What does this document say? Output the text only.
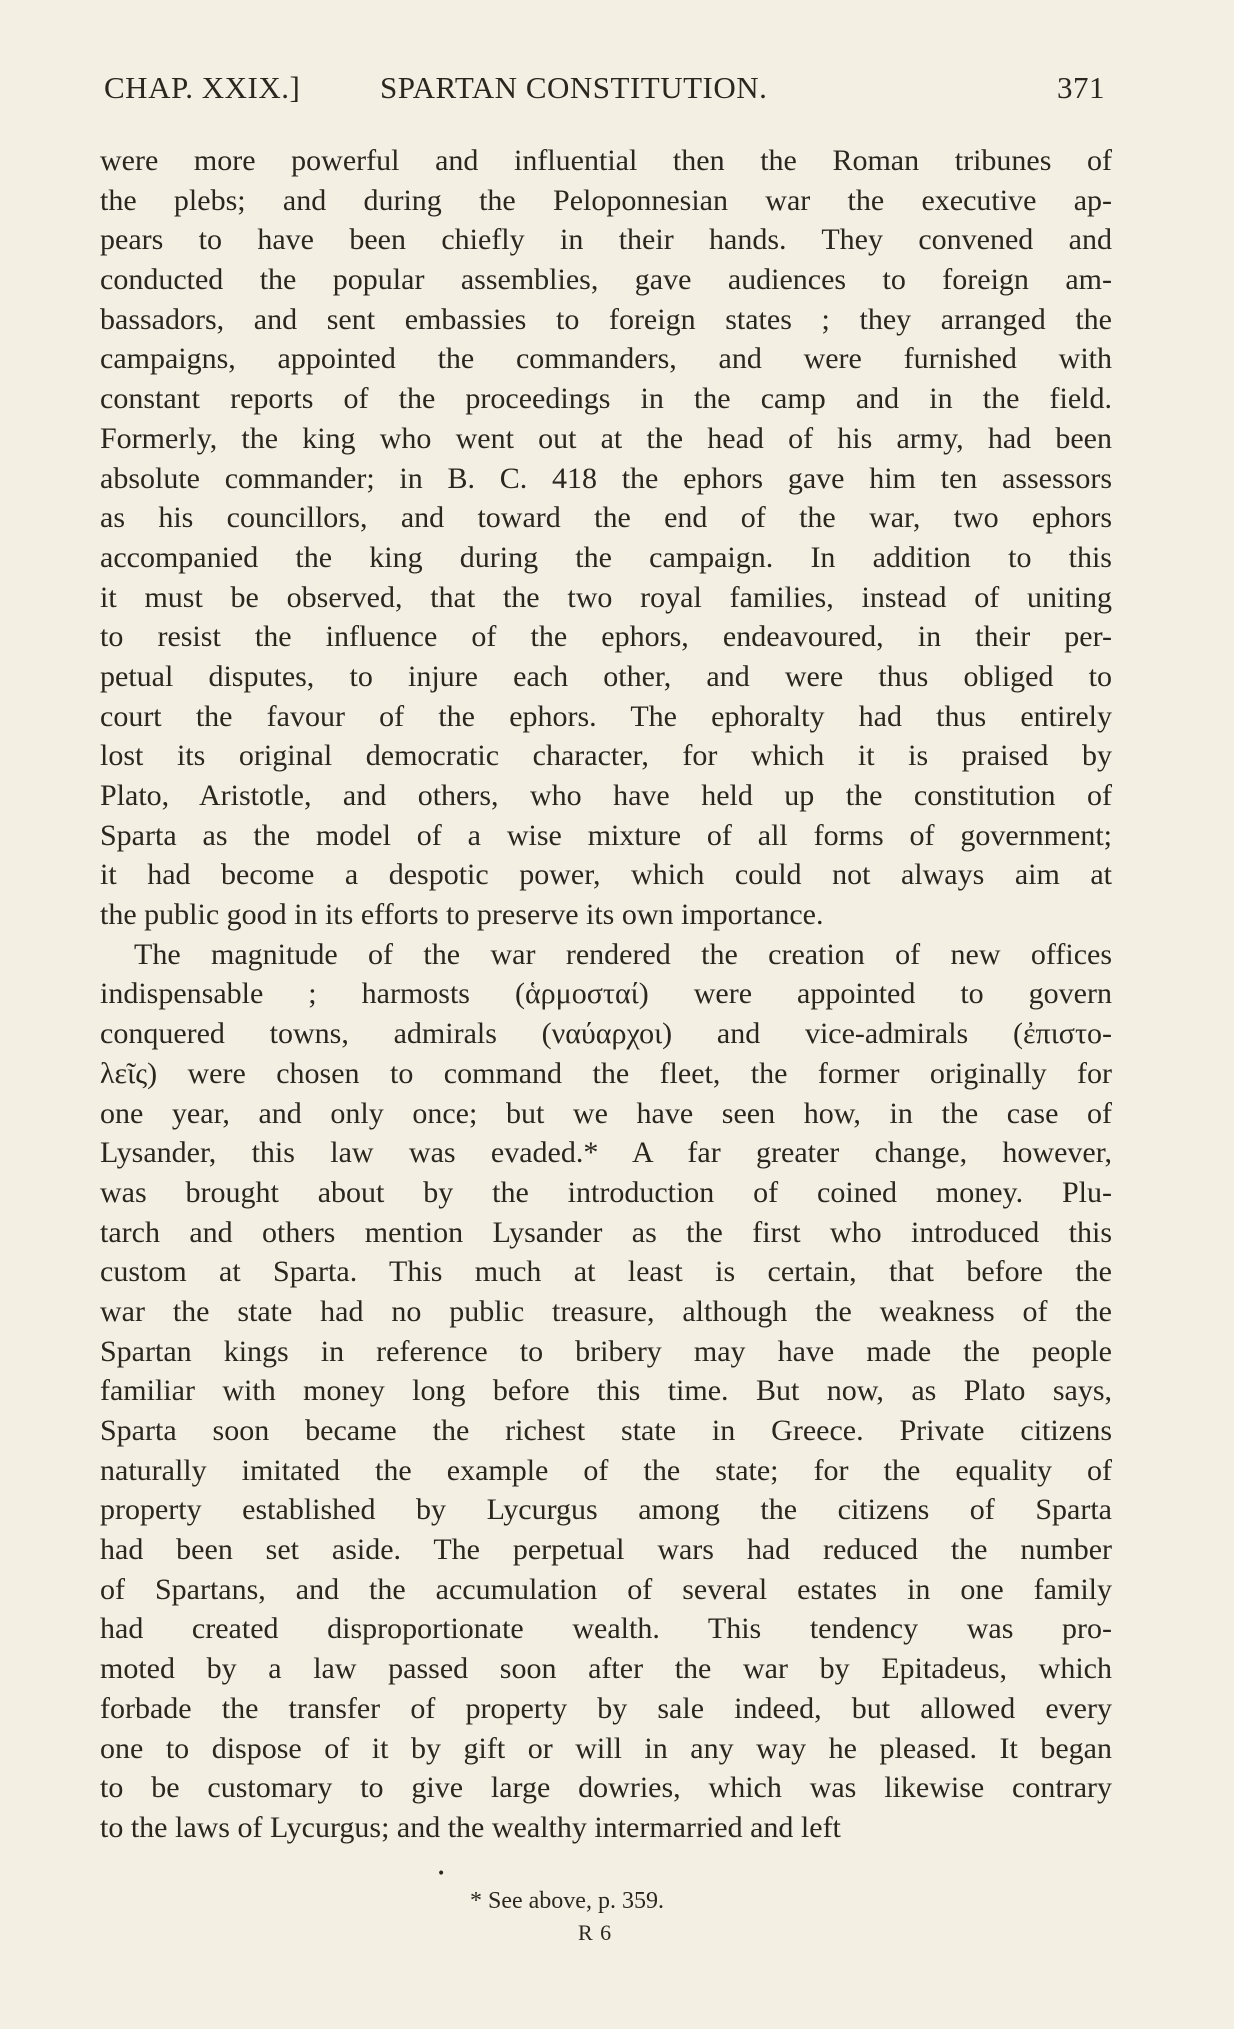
CHAP. XXIX.]	SPARTAN CONSTITUTION.	371
were more powerful and influential then the Roman tribunes of
the plebs; and during the Peloponnesian war the executive ap-
pears to have been chiefly in their hands. They convened and
conducted the popular assemblies, gave audiences to foreign am-
bassadors, and sent embassies to foreign states ; they arranged the
campaigns, appointed the commanders, and were furnished with
constant reports of the proceedings in the camp and in the field.
Formerly, the king who went out at the head of his army, had been
absolute commander; in B. C. 418 the ephors gave him ten assessors
as his councillors, and toward the end of the war, two ephors
accompanied the king during the campaign. In addition to this
it must be observed, that the two royal families, instead of uniting
to resist the influence of the ephors, endeavoured, in their per-
petual disputes, to injure each other, and were thus obliged to
court the favour of the ephors. The ephoralty had thus entirely
lost its original democratic character, for which it is praised by
Plato, Aristotle, and others, who have held up the constitution of
Sparta as the model of a wise mixture of all forms of government;
it had become a despotic power, which could not always aim at
the public good in its efforts to preserve its own importance.
The magnitude of the war rendered the creation of new offices
indispensable ; harmosts (ἁρμοσταί) were appointed to govern
conquered towns, admirals (ναύαρχοι) and vice-admirals (ἐπιστο-
λεῖς) were chosen to command the fleet, the former originally for
one year, and only once; but we have seen how, in the case of
Lysander, this law was evaded.* A far greater change, however,
was brought about by the introduction of coined money. Plu-
tarch and others mention Lysander as the first who introduced this
custom at Sparta. This much at least is certain, that before the
war the state had no public treasure, although the weakness of the
Spartan kings in reference to bribery may have made the people
familiar with money long before this time. But now, as Plato says,
Sparta soon became the richest state in Greece. Private citizens
naturally imitated the example of the state; for the equality of
property established by Lycurgus among the citizens of Sparta
had been set aside. The perpetual wars had reduced the number
of Spartans, and the accumulation of several estates in one family
had created disproportionate wealth. This tendency was pro-
moted by a law passed soon after the war by Epitadeus, which
forbade the transfer of property by sale indeed, but allowed every
one to dispose of it by gift or will in any way he pleased. It began
to be customary to give large dowries, which was likewise contrary
to the laws of Lycurgus; and the wealthy intermarried and left
•
* See above, p. 359.
R 6
